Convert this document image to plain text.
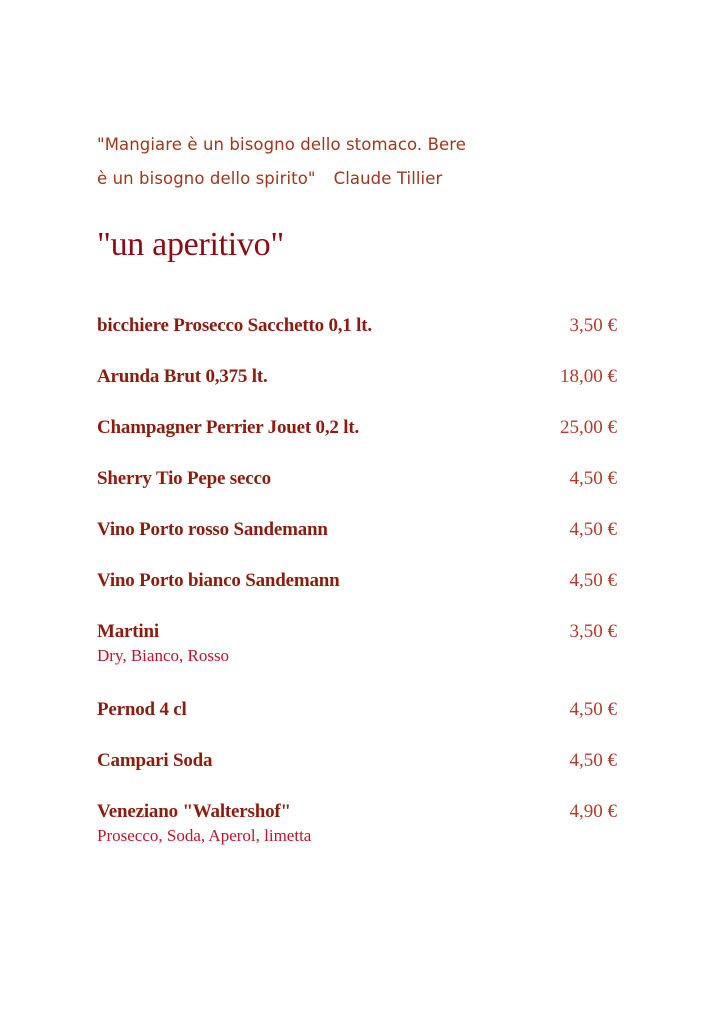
"Mangiare è un bisogno dello stomaco. Bere
è un bisogno dello spirito" Claude Tillier
"un aperitivo"
bicchiere Prosecco Sacchetto 0,1 lt.	3,50 €
Arunda Brut 0,375 lt.	18,00 €
Champagner Perrier Jouet 0,2 lt.	25,00 €
Sherry Tio Pepe secco	4,50 €
Vino Porto rosso Sandemann	4,50 €
Vino Porto bianco Sandemann	4,50 €
Martini	3,50 €
Dry, Bianco, Rosso
Pernod 4 cl	4,50 €
Campari Soda	4,50 €
Veneziano "Waltershof"	4,90 €
Prosecco, Soda, Aperol, limetta
